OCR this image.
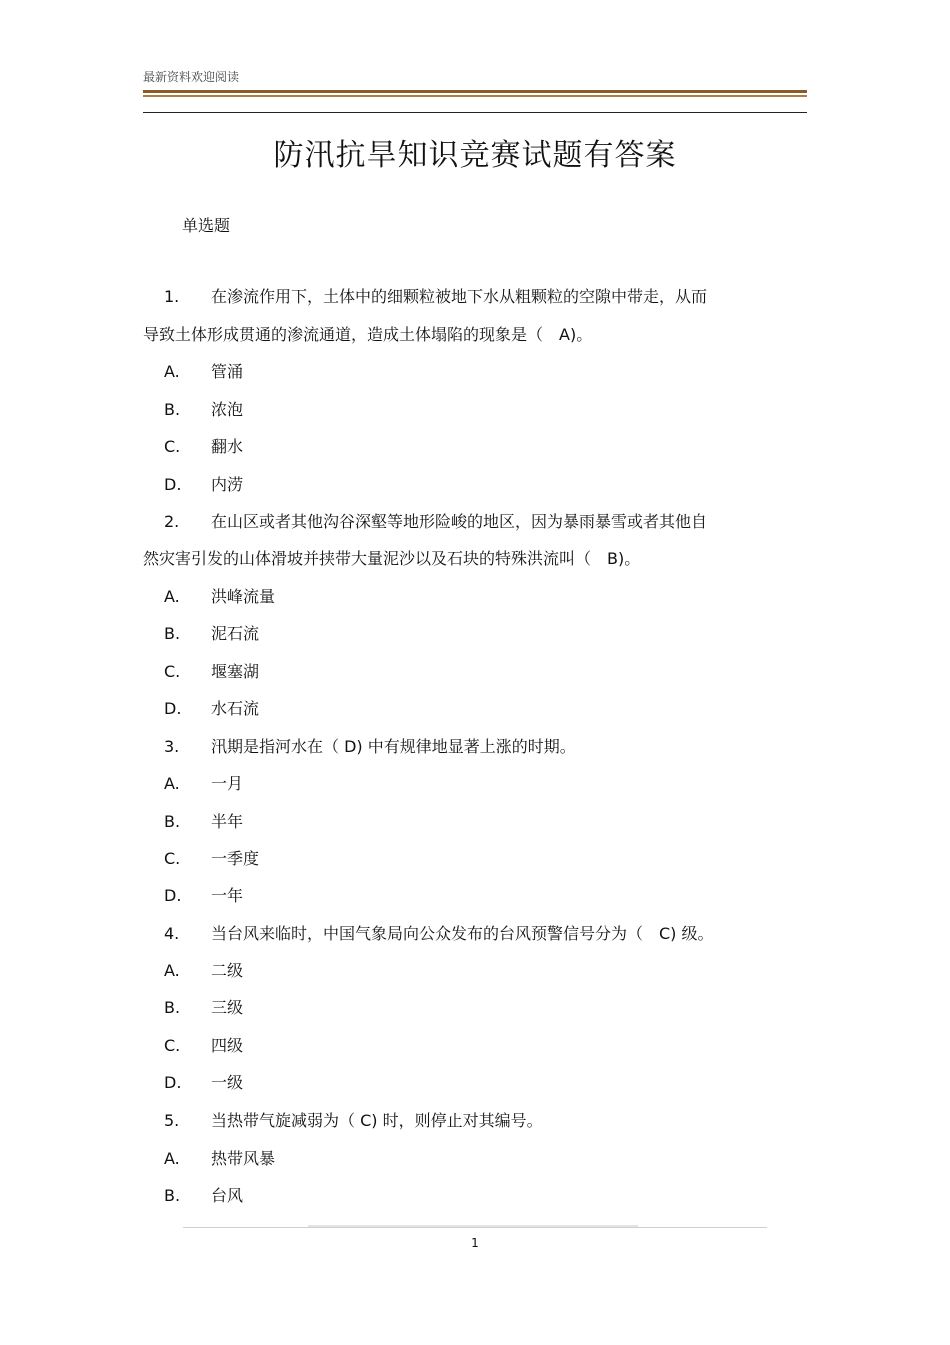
最新资料欢迎阅读
防汛抗旱知识竞赛试题有答案
单选题
1. 在渗流作用下，土体中的细颗粒被地下水从粗颗粒的空隙中带走，从而
导致土体形成贯通的渗流通道，造成土体塌陷的现象是（　A)。
A. 管涌
B. 浓泡
C. 翻水
D. 内涝
2. 在山区或者其他沟谷深壑等地形险峻的地区，因为暴雨暴雪或者其他自
然灾害引发的山体滑坡并挟带大量泥沙以及石块的特殊洪流叫（　B)。
A. 洪峰流量
B. 泥石流
C. 堰塞湖
D. 水石流
3. 汛期是指河水在（ D) 中有规律地显著上涨的时期。
A. 一月
B. 半年
C. 一季度
D. 一年
4. 当台风来临时，中国气象局向公众发布的台风预警信号分为（　C) 级。
A. 二级
B. 三级
C. 四级
D. 一级
5. 当热带气旋减弱为（ C) 时，则停止对其编号。
A. 热带风暴
B. 台风
1
